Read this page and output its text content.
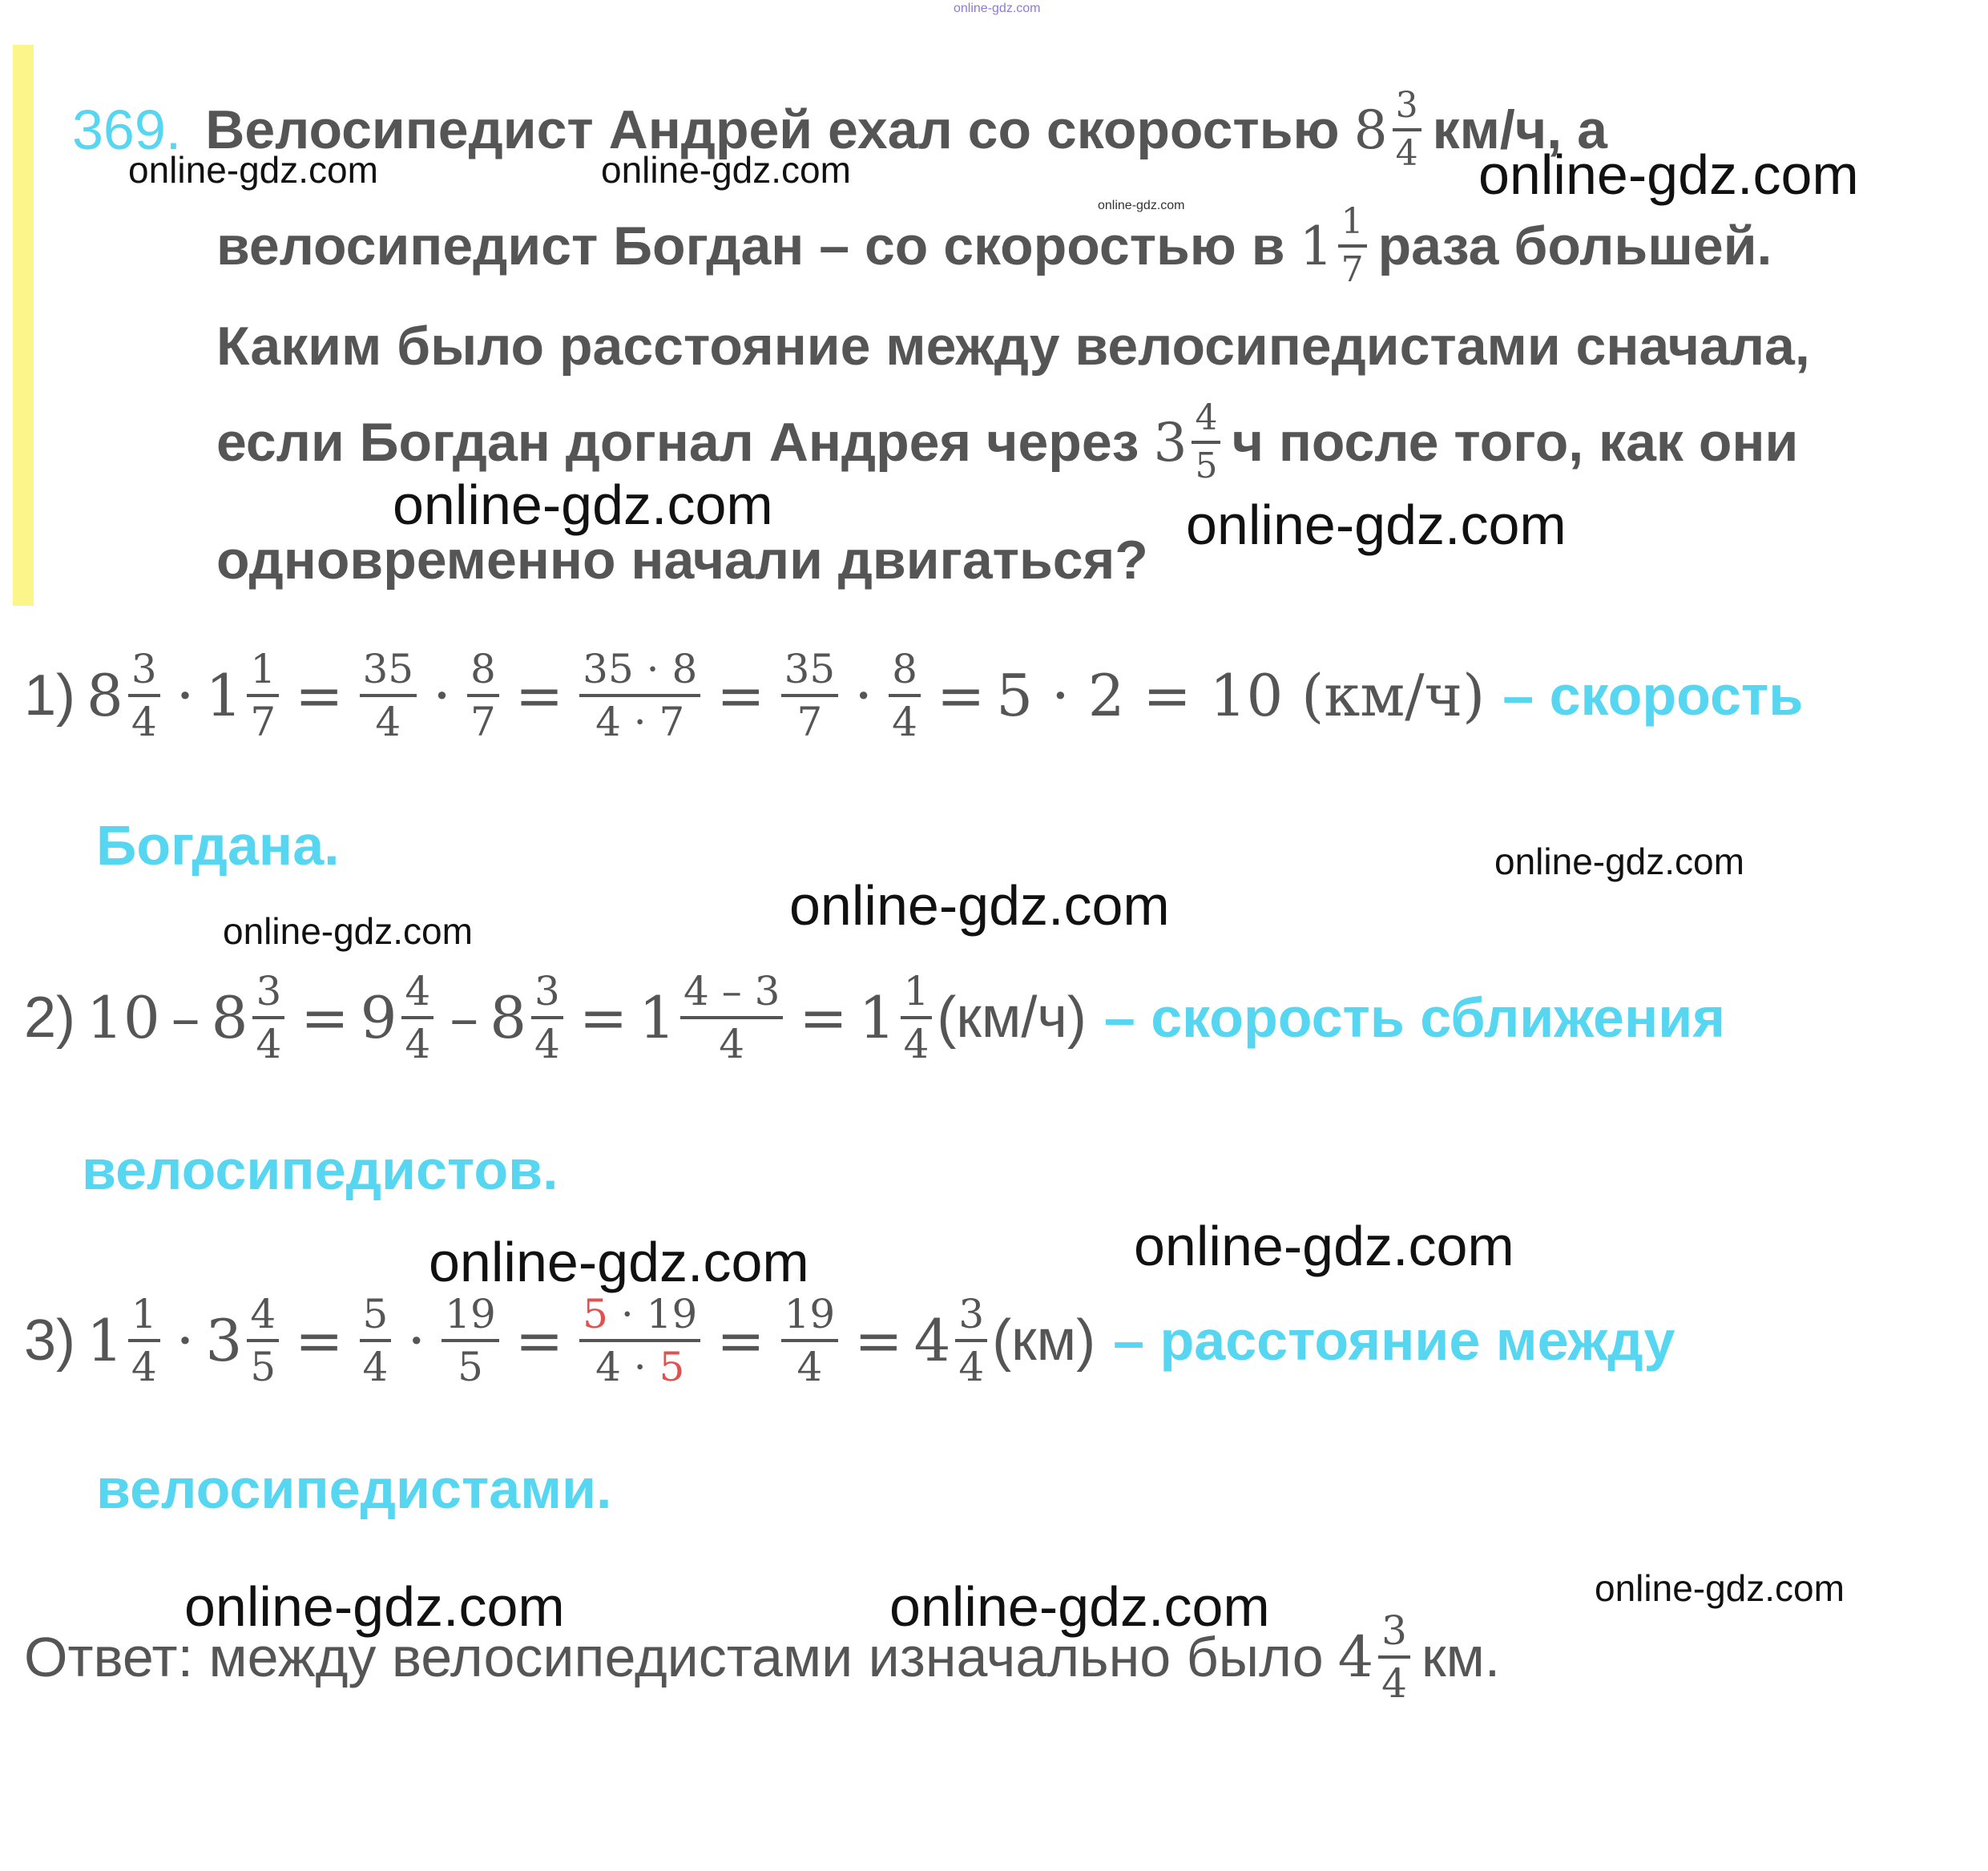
online-gdz.com
369. Велосипедист Андрей ехал со скоростью 8 3
4 км/ч, а
велосипедист Богдан – со скоростью в 1 1
7 раза большей.
Каким было расстояние между велосипедистами сначала,
если Богдан догнал Андрея через 3 4
5 ч после того, как они
одновременно начали двигаться?
1) 8 3
4 · 1 1
7 = 35
4 · 8
7 = 35 · 8
4 · 7 = 35
7 · 8
4 = 5 · 2 = 10 (км/ч) – скорость
Богдана.
2) 10 – 8 3
4 = 9 4
4 – 8 3
4 = 1 4 – 3
4 = 1 1
4 (км/ч) – скорость сближения
велосипедистов.
3) 1 1
4 · 3 4
5 = 5
4 · 19
5 = 5 · 19
4 · 5 = 19
4 = 4 3
4 (км) – расстояние между
велосипедистами.
Ответ: между велосипедистами изначально было 4 3
4 км.
online-gdz.com	online-gdz.com
online-gdz.com	online-gdz.com
online-gdz.com	online-gdz.com
online-gdz.com
online-gdz.com
online-gdz.com
online-gdz.com	online-gdz.com
online-gdz.com
online-gdz.com	online-gdz.com
